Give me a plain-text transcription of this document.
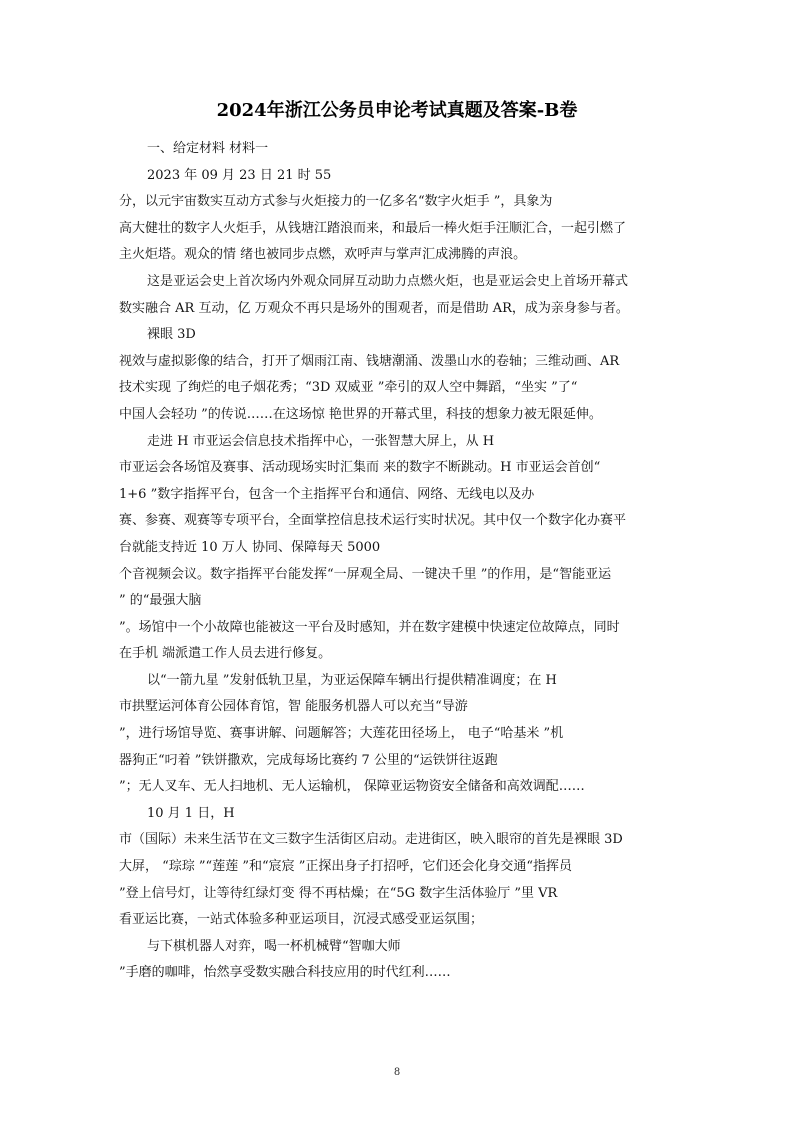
2024年浙江公务员申论考试真题及答案-B卷
一、给定材料 材料一
2023 年 09 月 23 日 21 时 55
分，以元宇宙数实互动方式参与火炬接力的一亿多名“数字火炬手 ”，具象为
高大健壮的数字人火炬手，从钱塘江踏浪而来，和最后一棒火炬手汪顺汇合，一起引燃了
主火炬塔。观众的情 绪也被同步点燃，欢呼声与掌声汇成沸腾的声浪。
这是亚运会史上首次场内外观众同屏互动助力点燃火炬，也是亚运会史上首场开幕式
数实融合 AR 互动，亿 万观众不再只是场外的围观者，而是借助 AR，成为亲身参与者。
裸眼 3D
视效与虚拟影像的结合，打开了烟雨江南、钱塘潮涌、泼墨山水的卷轴；三维动画、AR
技术实现 了绚烂的电子烟花秀；“3D 双威亚 ”牵引的双人空中舞蹈，“坐实 ”了“
中国人会轻功 ”的传说……在这场惊 艳世界的开幕式里，科技的想象力被无限延伸。
走进 H 市亚运会信息技术指挥中心，一张智慧大屏上，从 H
市亚运会各场馆及赛事、活动现场实时汇集而 来的数字不断跳动。H 市亚运会首创“
1+6 ”数字指挥平台，包含一个主指挥平台和通信、网络、无线电以及办
赛、参赛、观赛等专项平台，全面掌控信息技术运行实时状况。其中仅一个数字化办赛平
台就能支持近 10 万人 协同、保障每天 5000
个音视频会议。数字指挥平台能发挥“一屏观全局、一键决千里 ”的作用，是“智能亚运
” 的“最强大脑
”。场馆中一个小故障也能被这一平台及时感知，并在数字建模中快速定位故障点，同时
在手机 端派遣工作人员去进行修复。
以“一箭九星 ”发射低轨卫星，为亚运保障车辆出行提供精准调度；在 H
市拱墅运河体育公园体育馆，智 能服务机器人可以充当“导游
”，进行场馆导览、赛事讲解、问题解答；大莲花田径场上， 电子“哈基米 ”机
器狗正“叼着 ”铁饼撒欢，完成每场比赛约 7 公里的“运铁饼往返跑
”；无人叉车、无人扫地机、无人运输机， 保障亚运物资安全储备和高效调配……
10 月 1 日，H
市（国际）未来生活节在文三数字生活街区启动。走进街区，映入眼帘的首先是裸眼 3D
大屏， “琮琮 ”“莲莲 ”和“宸宸 ”正探出身子打招呼，它们还会化身交通“指挥员
”登上信号灯，让等待红绿灯变 得不再枯燥；在“5G 数字生活体验厅 ”里 VR
看亚运比赛，一站式体验多种亚运项目，沉浸式感受亚运氛围；
与下棋机器人对弈，喝一杯机械臂“智咖大师
”手磨的咖啡，怡然享受数实融合科技应用的时代红利……
8
